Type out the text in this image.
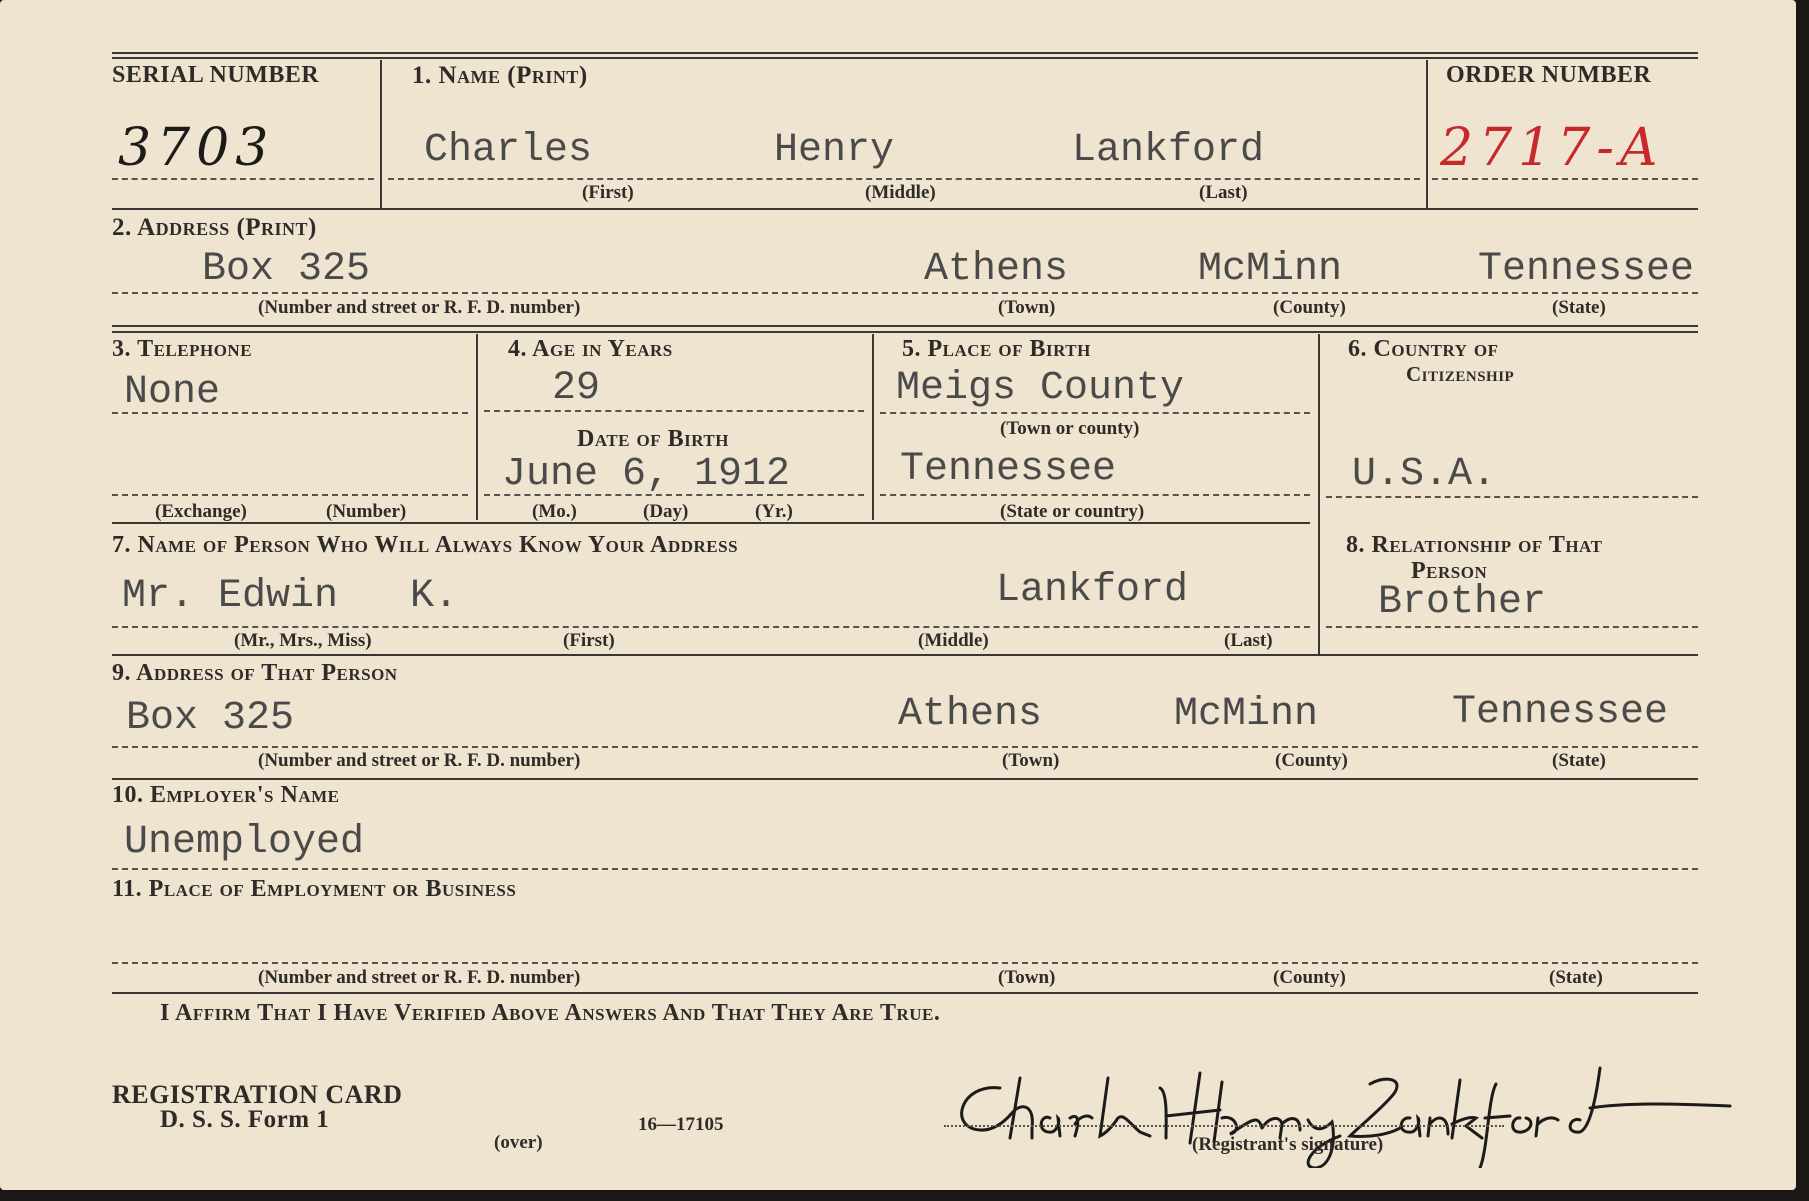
SERIAL NUMBER
3703
1. Name (Print)
Charles	Henry	Lankford
(First)	(Middle)	(Last)
ORDER NUMBER
2717-A
2. Address (Print)
Box 325	Athens	McMinn	Tennessee
(Number and street or R. F. D. number)	(Town)	(County)	(State)
3. Telephone
None
(Exchange)	(Number)
4. Age in Years
29
Date of Birth
June 6, 1912
(Mo.)	(Day)	(Yr.)
5. Place of Birth
Meigs County
(Town or county)
Tennessee
(State or country)
6. Country of
Citizenship
U.S.A.
7. Name of Person Who Will Always Know Your Address
Mr. Edwin   K.	Lankford
(Mr., Mrs., Miss)	(First)	(Middle)	(Last)
8. Relationship of That
Person
Brother
9. Address of That Person
Box 325	Athens	McMinn	Tennessee
(Number and street or R. F. D. number)	(Town)	(County)	(State)
10. Employer's Name
Unemployed
11. Place of Employment or Business
(Number and street or R. F. D. number)	(Town)	(County)	(State)
I Affirm That I Have Verified Above Answers And That They Are True.
REGISTRATION CARD
D. S. S. Form 1
(over)
16—17105
(Registrant's signature)
